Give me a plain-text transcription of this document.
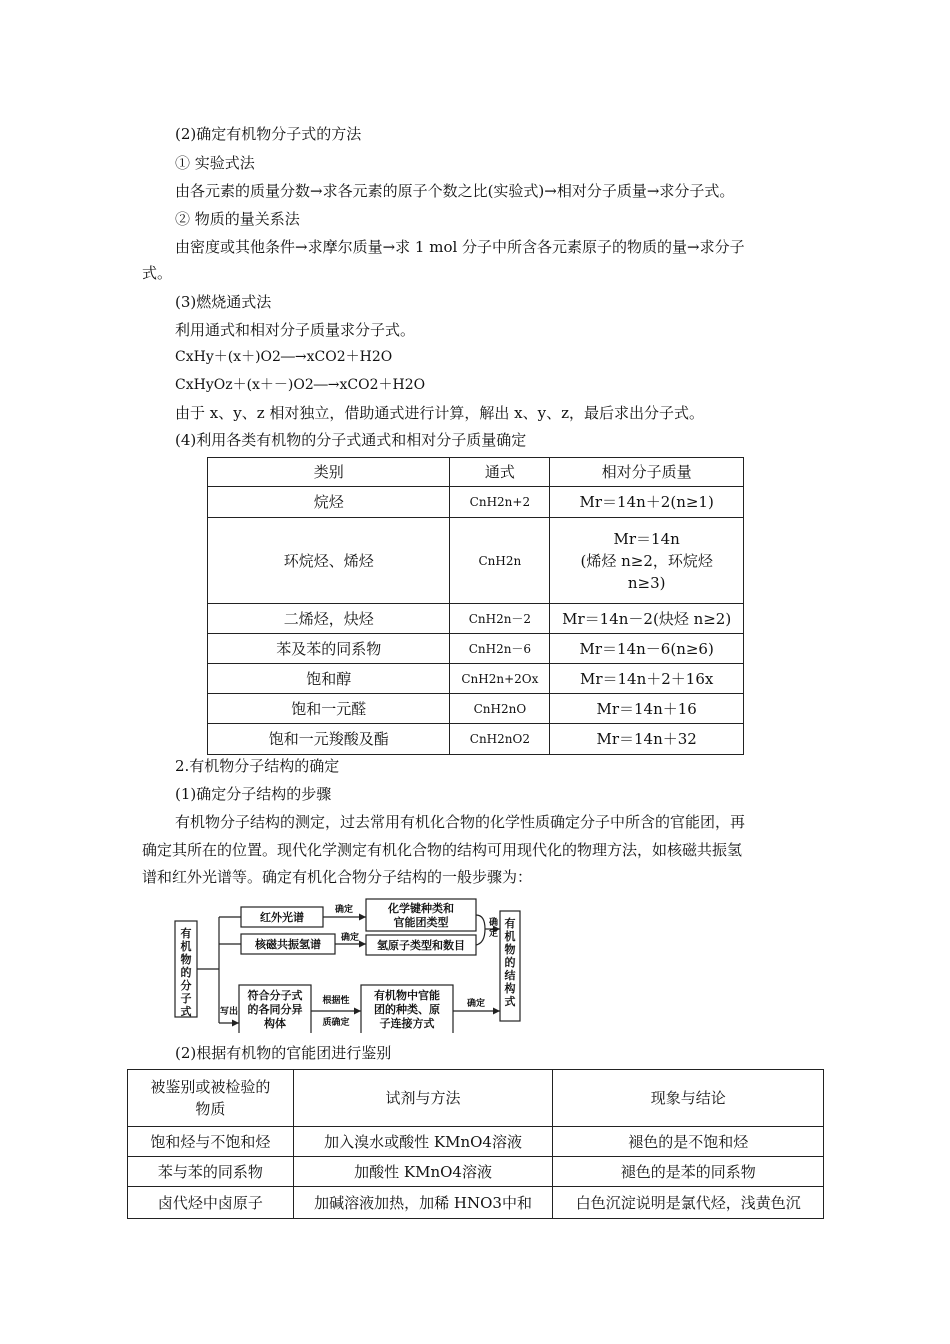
(2)确定有机物分子式的方法
① 实验式法
由各元素的质量分数→求各元素的原子个数之比(实验式)→相对分子质量→求分子式。
② 物质的量关系法
由密度或其他条件→求摩尔质量→求 1 mol 分子中所含各元素原子的物质的量→求分子
式。
(3)燃烧通式法
利用通式和相对分子质量求分子式。
CxHy＋(x＋)O2―→xCO2＋H2O
CxHyOz＋(x＋－)O2―→xCO2＋H2O
由于 x、y、z 相对独立，借助通式进行计算，解出 x、y、z，最后求出分子式。
(4)利用各类有机物的分子式通式和相对分子质量确定
类别	通式	相对分子质量
烷烃	CnH2n+2	Mr＝14n＋2(n≥1)
环烷烃、烯烃	CnH2n	Mr＝14n
(烯烃 n≥2，环烷烃
n≥3)

二烯烃，炔烃	CnH2n－2	Mr＝14n－2(炔烃 n≥2)
苯及苯的同系物	CnH2n－6	Mr＝14n－6(n≥6)
饱和醇	CnH2n+2Ox	Mr＝14n＋2＋16x
饱和一元醛	CnH2nO	Mr＝14n＋16
饱和一元羧酸及酯	CnH2nO2	Mr＝14n＋32
2.有机物分子结构的确定
(1)确定分子结构的步骤
有机物分子结构的测定，过去常用有机化合物的化学性质确定分子中所含的官能团，再
确定其所在的位置。现代化学测定有机化合物的结构可用现代化的物理方法，如核磁共振氢
谱和红外光谱等。确定有机化合物分子结构的一般步骤为：
有机物的分子式
红外光谱
核磁共振氢谱
确定
确定
化学键种类和
官能团类型
氢原子类型和数目
写出
符合分子式
的各同分异
构体
根据性
质确定
有机物中官能
团的种类、原
子连接方式
确定
确定
有机物的结构式
(2)根据有机物的官能团进行鉴别
被鉴别或被检验的
物质	试剂与方法	现象与结论
饱和烃与不饱和烃	加入溴水或酸性 KMnO4溶液	褪色的是不饱和烃
苯与苯的同系物	加酸性 KMnO4溶液	褪色的是苯的同系物
卤代烃中卤原子	加碱溶液加热，加稀 HNO3中和	白色沉淀说明是氯代烃，浅黄色沉
